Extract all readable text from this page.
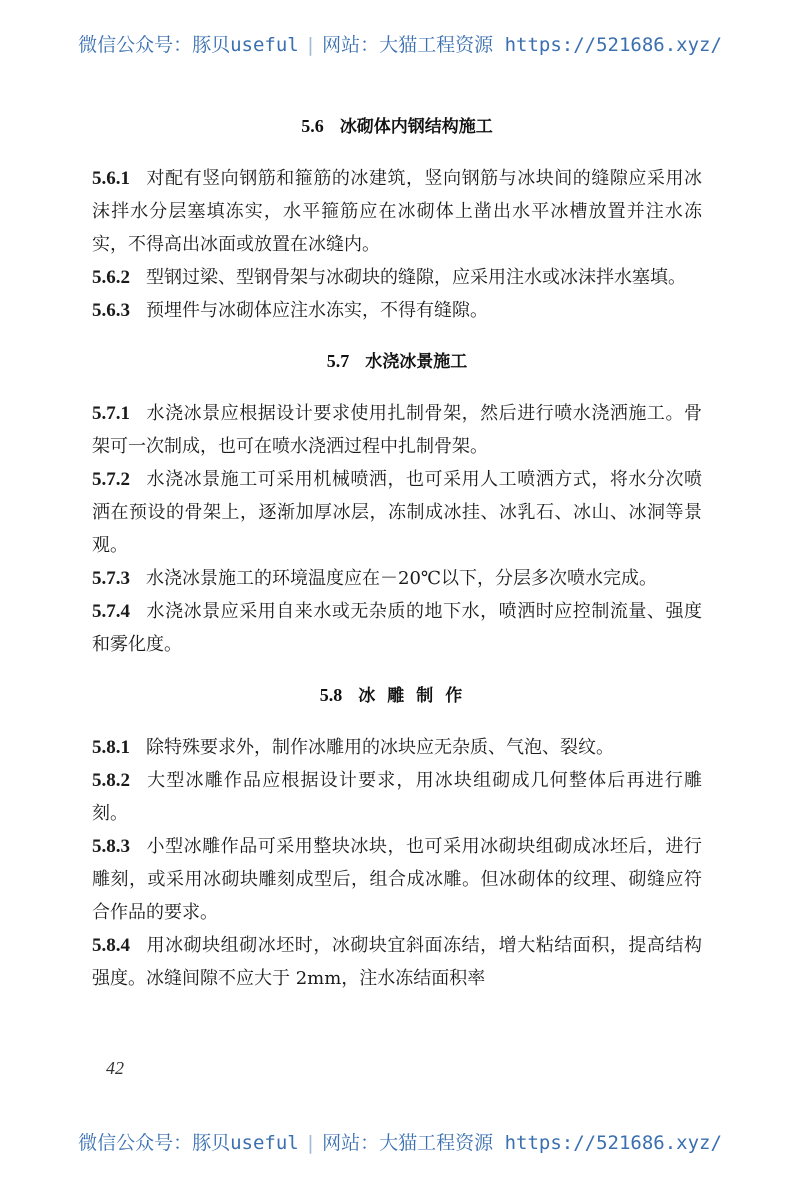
微信公众号：豚贝useful | 网站：大猫工程资源 https://521686.xyz/
5.6 冰砌体内钢结构施工

5.6.1 对配有竖向钢筋和箍筋的冰建筑，竖向钢筋与冰块间的缝隙应采用冰沫拌水分层塞填冻实，水平箍筋应在冰砌体上凿出水平冰槽放置并注水冻实，不得高出冰面或放置在冰缝内。

5.6.2 型钢过梁、型钢骨架与冰砌块的缝隙，应采用注水或冰沫拌水塞填。

5.6.3 预埋件与冰砌体应注水冻实，不得有缝隙。

5.7 水浇冰景施工

5.7.1 水浇冰景应根据设计要求使用扎制骨架，然后进行喷水浇洒施工。骨架可一次制成，也可在喷水浇洒过程中扎制骨架。

5.7.2 水浇冰景施工可采用机械喷洒，也可采用人工喷洒方式，将水分次喷洒在预设的骨架上，逐渐加厚冰层，冻制成冰挂、冰乳石、冰山、冰洞等景观。

5.7.3 水浇冰景施工的环境温度应在－20℃以下，分层多次喷水完成。

5.7.4 水浇冰景应采用自来水或无杂质的地下水，喷洒时应控制流量、强度和雾化度。

5.8 冰雕制作

5.8.1 除特殊要求外，制作冰雕用的冰块应无杂质、气泡、裂纹。

5.8.2 大型冰雕作品应根据设计要求，用冰块组砌成几何整体后再进行雕刻。

5.8.3 小型冰雕作品可采用整块冰块，也可采用冰砌块组砌成冰坯后，进行雕刻，或采用冰砌块雕刻成型后，组合成冰雕。但冰砌体的纹理、砌缝应符合作品的要求。

5.8.4 用冰砌块组砌冰坯时，冰砌块宜斜面冻结，增大粘结面积，提高结构强度。冰缝间隙不应大于 2mm，注水冻结面积率

42
微信公众号：豚贝useful | 网站：大猫工程资源 https://521686.xyz/
